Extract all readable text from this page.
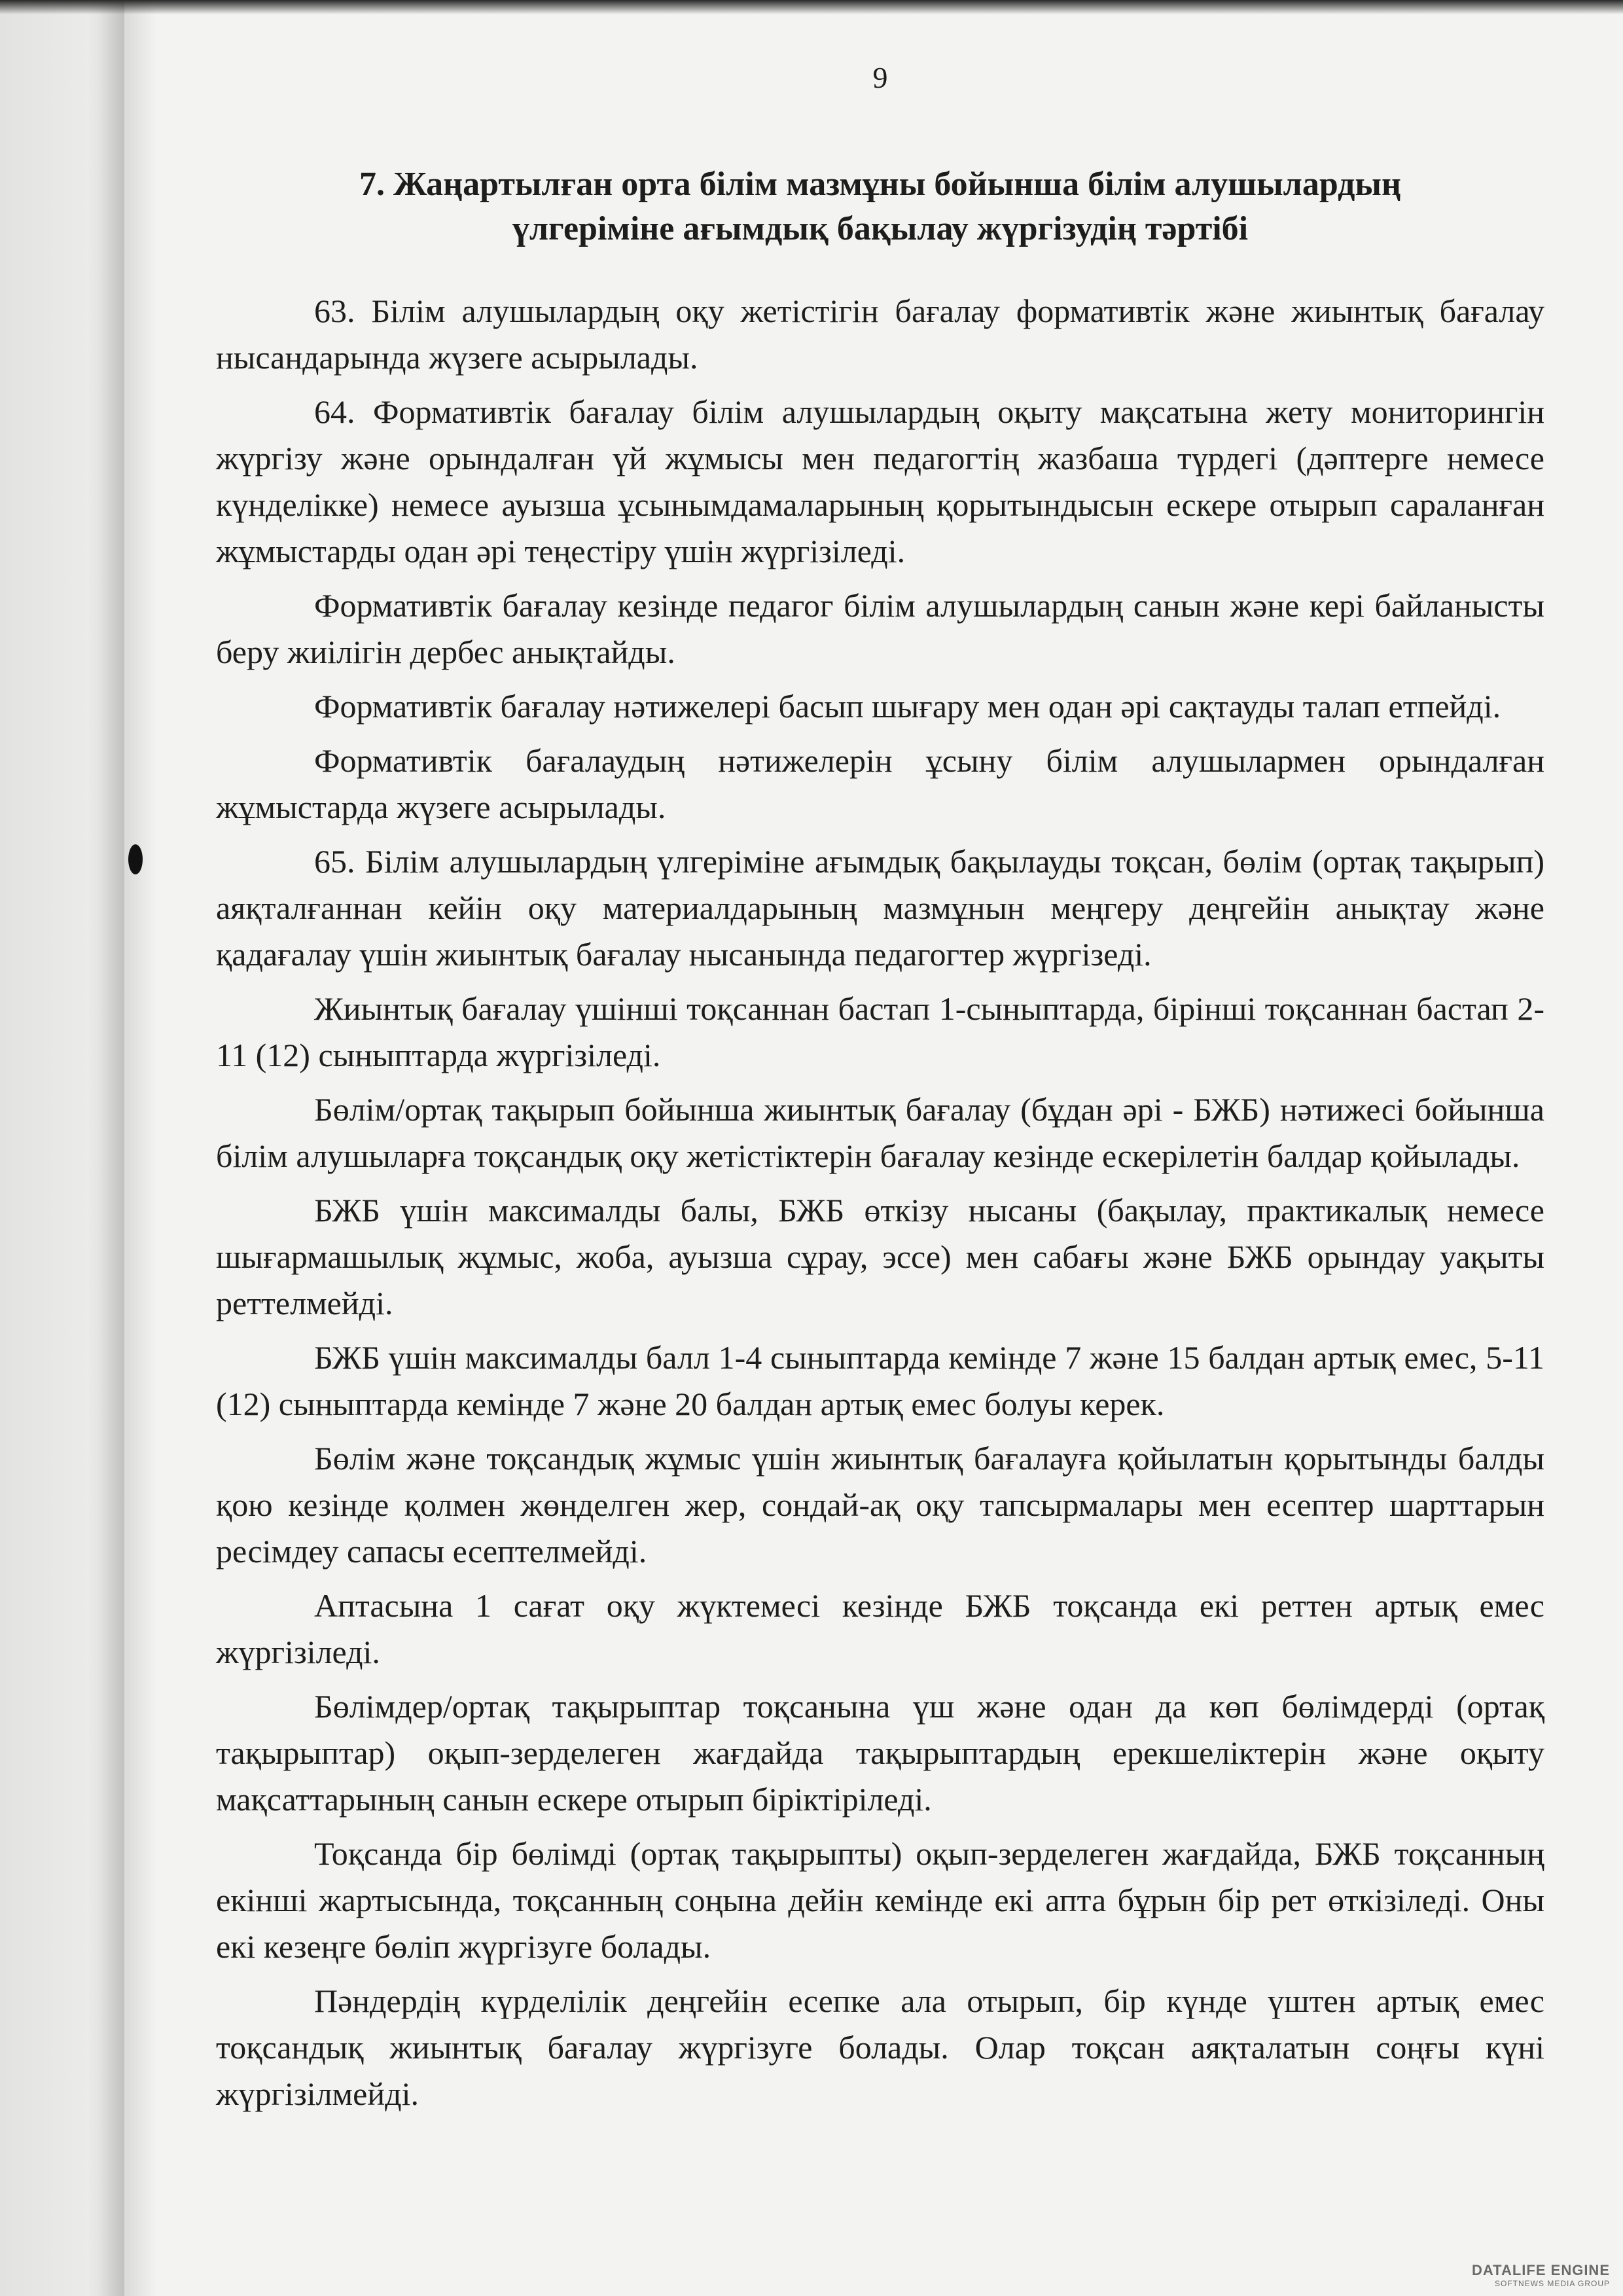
9
7. Жаңартылған орта білім мазмұны бойынша білім алушылардың
үлгеріміне ағымдық бақылау жүргізудің тәртібі

63. Білім алушылардың оқу жетістігін бағалау формативтік және жиынтық бағалау нысандарында жүзеге асырылады.

64. Формативтік бағалау білім алушылардың оқыту мақсатына жету мониторингін жүргізу және орындалған үй жұмысы мен педагогтің жазбаша түрдегі (дәптерге немесе күнделікке) немесе ауызша ұсынымдамаларының қорытындысын ескере отырып сараланған жұмыстарды одан әрі теңестіру үшін жүргізіледі.

Формативтік бағалау кезінде педагог білім алушылардың санын және кері байланысты беру жиілігін дербес анықтайды.

Формативтік бағалау нәтижелері басып шығару мен одан әрі сақтауды талап етпейді.

Формативтік бағалаудың нәтижелерін ұсыну білім алушылармен орындалған жұмыстарда жүзеге асырылады.

65. Білім алушылардың үлгеріміне ағымдық бақылауды тоқсан, бөлім (ортақ тақырып) аяқталғаннан кейін оқу материалдарының мазмұнын меңгеру деңгейін анықтау және қадағалау үшін жиынтық бағалау нысанында педагогтер жүргізеді.

Жиынтық бағалау үшінші тоқсаннан бастап 1-сыныптарда, бірінші тоқсаннан бастап 2-11 (12) сыныптарда жүргізіледі.

Бөлім/ортақ тақырып бойынша жиынтық бағалау (бұдан әрі - БЖБ) нәтижесі бойынша білім алушыларға тоқсандық оқу жетістіктерін бағалау кезінде ескерілетін балдар қойылады.

БЖБ үшін максималды балы, БЖБ өткізу нысаны (бақылау, практикалық немесе шығармашылық жұмыс, жоба, ауызша сұрау, эссе) мен сабағы және БЖБ орындау уақыты реттелмейді.

БЖБ үшін максималды балл 1-4 сыныптарда кемінде 7 және 15 балдан артық емес, 5-11 (12) сыныптарда кемінде 7 және 20 балдан артық емес болуы керек.

Бөлім және тоқсандық жұмыс үшін жиынтық бағалауға қойылатын қорытынды балды қою кезінде қолмен жөнделген жер, сондай-ақ оқу тапсырмалары мен есептер шарттарын ресімдеу сапасы есептелмейді.

Аптасына 1 сағат оқу жүктемесі кезінде БЖБ тоқсанда екі реттен артық емес жүргізіледі.

Бөлімдер/ортақ тақырыптар тоқсанына үш және одан да көп бөлімдерді (ортақ тақырыптар) оқып-зерделеген жағдайда тақырыптардың ерекшеліктерін және оқыту мақсаттарының санын ескере отырып біріктіріледі.

Тоқсанда бір бөлімді (ортақ тақырыпты) оқып-зерделеген жағдайда, БЖБ тоқсанның екінші жартысында, тоқсанның соңына дейін кемінде екі апта бұрын бір рет өткізіледі. Оны екі кезеңге бөліп жүргізуге болады.

Пәндердің күрделілік деңгейін есепке ала отырып, бір күнде үштен артық емес тоқсандық жиынтық бағалау жүргізуге болады. Олар тоқсан аяқталатын соңғы күні жүргізілмейді.

DATALIFE ENGINE
SOFTNEWS MEDIA GROUP
